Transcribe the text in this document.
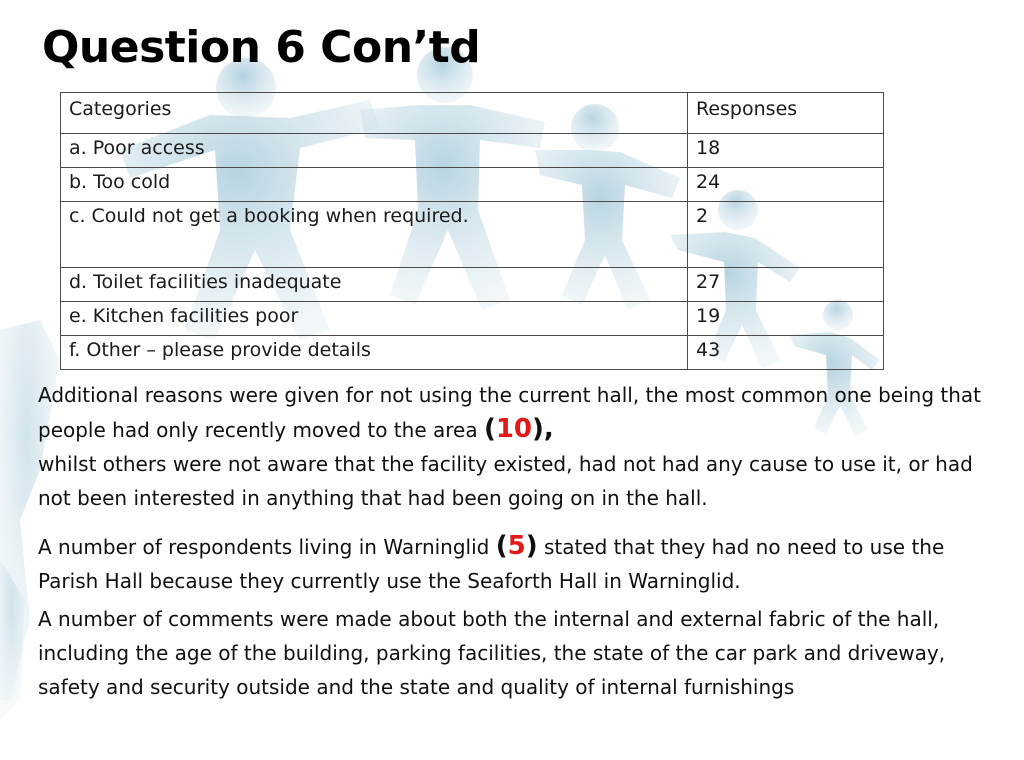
Question 6 Con’td
Categories	Responses
a. Poor access	18
b. Too cold	24
c. Could not get a booking when required.	2
d. Toilet facilities inadequate	27
e. Kitchen facilities poor	19
f. Other – please provide details	43

Additional reasons were given for not using the current hall, the most common one being that people had only recently moved to the area (10),
whilst others were not aware that the facility existed, had not had any cause to use it, or had not been interested in anything that had been going on in the hall.

A number of respondents living in Warninglid (5) stated that they had no need to use the Parish Hall because they currently use the Seaforth Hall in Warninglid.

A number of comments were made about both the internal and external fabric of the hall, including the age of the building, parking facilities, the state of the car park and driveway, safety and security outside and the state and quality of internal furnishings
